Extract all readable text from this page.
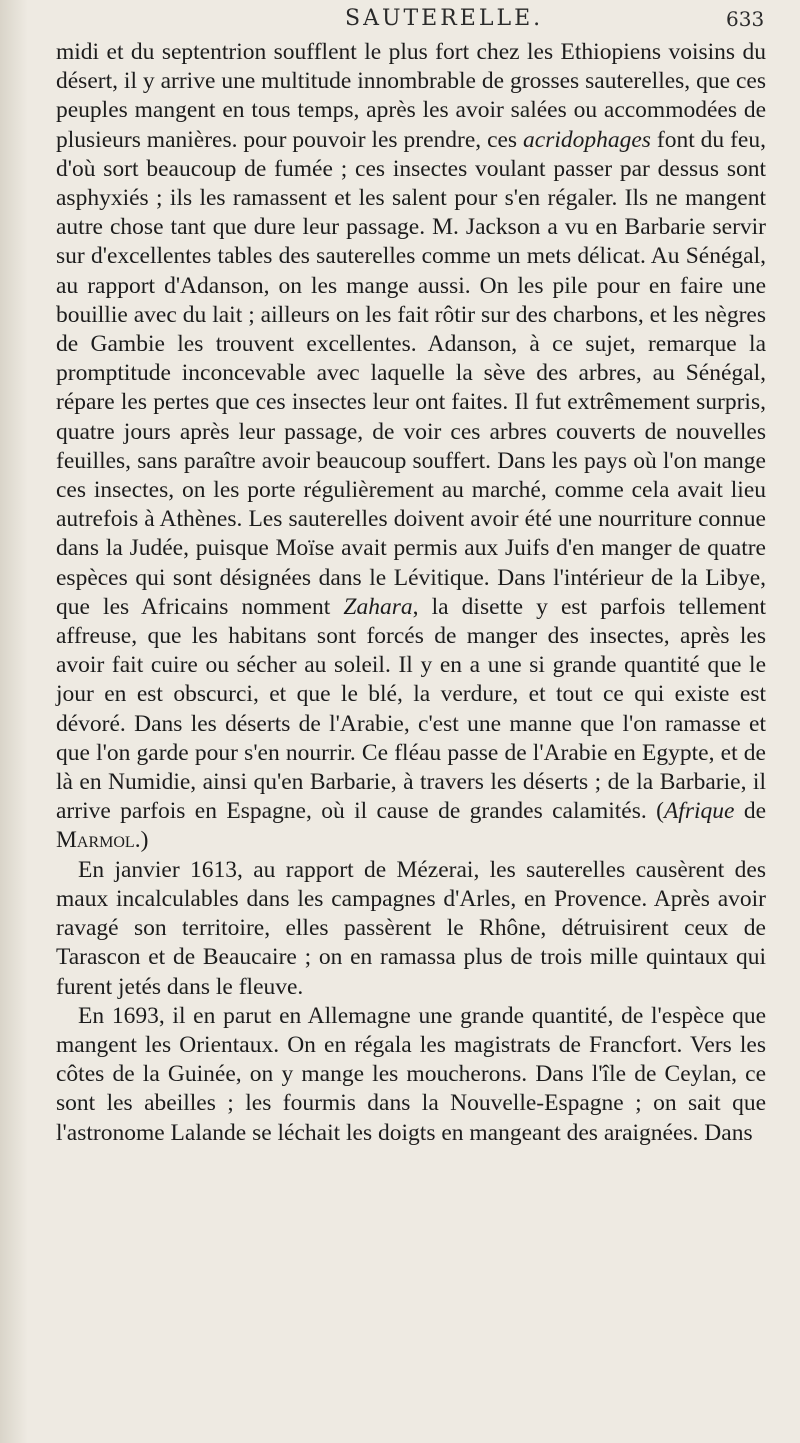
SAUTERELLE.	633

midi et du septentrion soufflent le plus fort chez les Ethiopiens voisins du désert, il y arrive une multitude innombrable de grosses sauterelles, que ces peuples mangent en tous temps, après les avoir salées ou accommodées de plusieurs manières. pour pouvoir les prendre, ces acridophages font du feu, d'où sort beaucoup de fumée ; ces insectes voulant passer par dessus sont asphyxiés ; ils les ramassent et les salent pour s'en régaler. Ils ne mangent autre chose tant que dure leur passage. M. Jackson a vu en Barbarie servir sur d'excellentes tables des sauterelles comme un mets délicat. Au Sénégal, au rapport d'Adanson, on les mange aussi. On les pile pour en faire une bouillie avec du lait ; ailleurs on les fait rôtir sur des charbons, et les nègres de Gambie les trouvent excellentes. Adanson, à ce sujet, remarque la promptitude inconcevable avec laquelle la sève des arbres, au Sénégal, répare les pertes que ces insectes leur ont faites. Il fut extrêmement surpris, quatre jours après leur passage, de voir ces arbres couverts de nouvelles feuilles, sans paraître avoir beaucoup souffert. Dans les pays où l'on mange ces insectes, on les porte régulièrement au marché, comme cela avait lieu autrefois à Athènes. Les sauterelles doivent avoir été une nourriture connue dans la Judée, puisque Moïse avait permis aux Juifs d'en manger de quatre espèces qui sont désignées dans le Lévitique. Dans l'intérieur de la Libye, que les Africains nomment Zahara, la disette y est parfois tellement affreuse, que les habitans sont forcés de manger des insectes, après les avoir fait cuire ou sécher au soleil. Il y en a une si grande quantité que le jour en est obscurci, et que le blé, la verdure, et tout ce qui existe est dévoré. Dans les déserts de l'Arabie, c'est une manne que l'on ramasse et que l'on garde pour s'en nourrir. Ce fléau passe de l'Arabie en Egypte, et de là en Numidie, ainsi qu'en Barbarie, à travers les déserts ; de la Barbarie, il arrive parfois en Espagne, où il cause de grandes calamités. (Afrique de Marmol.)

En janvier 1613, au rapport de Mézerai, les sauterelles causèrent des maux incalculables dans les campagnes d'Arles, en Provence. Après avoir ravagé son territoire, elles passèrent le Rhône, détruisirent ceux de Tarascon et de Beaucaire ; on en ramassa plus de trois mille quintaux qui furent jetés dans le fleuve.

En 1693, il en parut en Allemagne une grande quantité, de l'espèce que mangent les Orientaux. On en régala les magistrats de Francfort. Vers les côtes de la Guinée, on y mange les moucherons. Dans l'île de Ceylan, ce sont les abeilles ; les fourmis dans la Nouvelle-Espagne ; on sait que l'astronome Lalande se léchait les doigts en mangeant des araignées. Dans
